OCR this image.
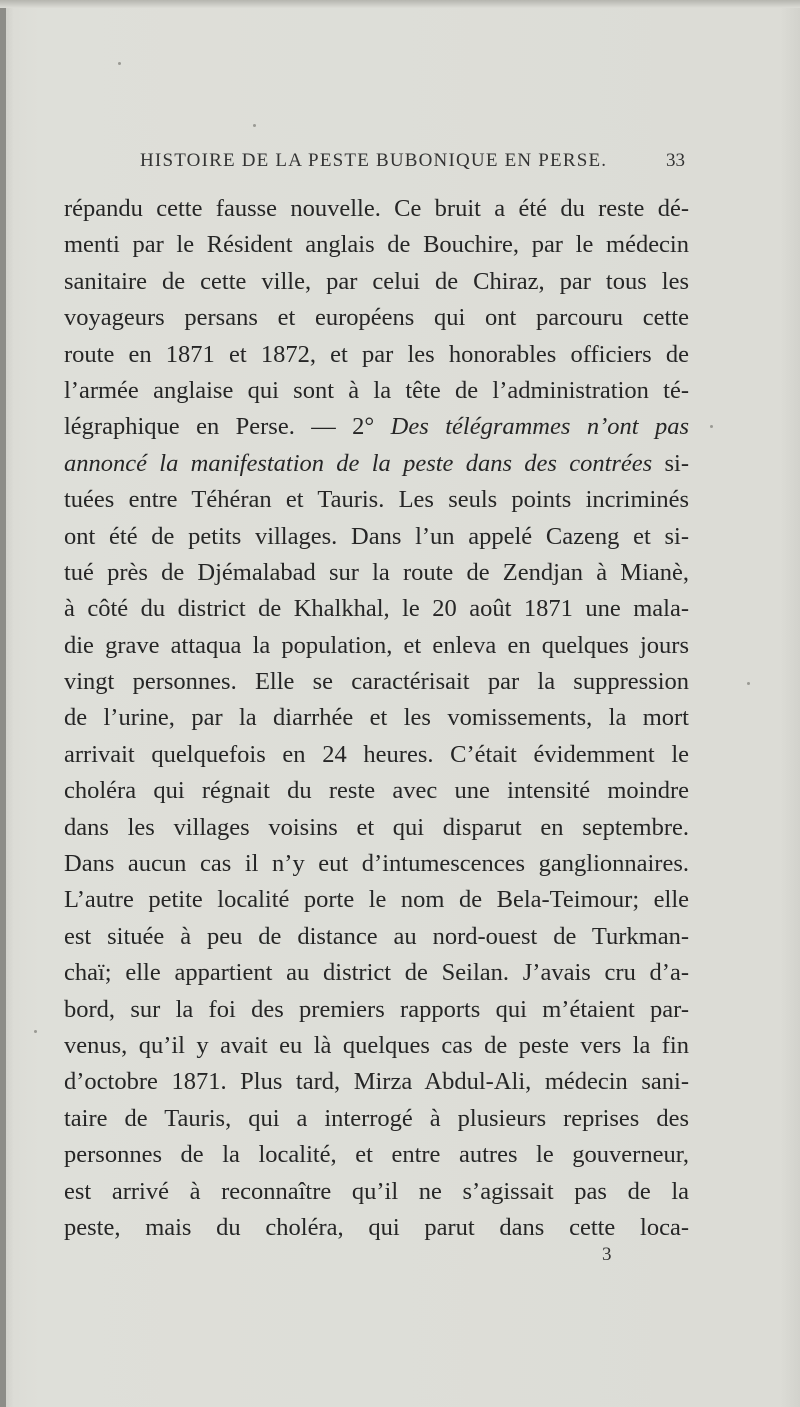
HISTOIRE DE LA PESTE BUBONIQUE EN PERSE.	33
répandu cette fausse nouvelle. Ce bruit a été du reste dé-
menti par le Résident anglais de Bouchire, par le médecin
sanitaire de cette ville, par celui de Chiraz, par tous les
voyageurs persans et européens qui ont parcouru cette
route en 1871 et 1872, et par les honorables officiers de
l’armée anglaise qui sont à la tête de l’administration té-
légraphique en Perse. — 2° Des télégrammes n’ont pas
annoncé la manifestation de la peste dans des contrées si-
tuées entre Téhéran et Tauris. Les seuls points incriminés
ont été de petits villages. Dans l’un appelé Cazeng et si-
tué près de Djémalabad sur la route de Zendjan à Mianè,
à côté du district de Khalkhal, le 20 août 1871 une mala-
die grave attaqua la population, et enleva en quelques jours
vingt personnes. Elle se caractérisait par la suppression
de l’urine, par la diarrhée et les vomissements, la mort
arrivait quelquefois en 24 heures. C’était évidemment le
choléra qui régnait du reste avec une intensité moindre
dans les villages voisins et qui disparut en septembre.
Dans aucun cas il n’y eut d’intumescences ganglionnaires.
L’autre petite localité porte le nom de Bela-Teimour; elle
est située à peu de distance au nord-ouest de Turkman-
chaï; elle appartient au district de Seilan. J’avais cru d’a-
bord, sur la foi des premiers rapports qui m’étaient par-
venus, qu’il y avait eu là quelques cas de peste vers la fin
d’octobre 1871. Plus tard, Mirza Abdul-Ali, médecin sani-
taire de Tauris, qui a interrogé à plusieurs reprises des
personnes de la localité, et entre autres le gouverneur,
est arrivé à reconnaître qu’il ne s’agissait pas de la
peste, mais du choléra, qui parut dans cette loca-
3
